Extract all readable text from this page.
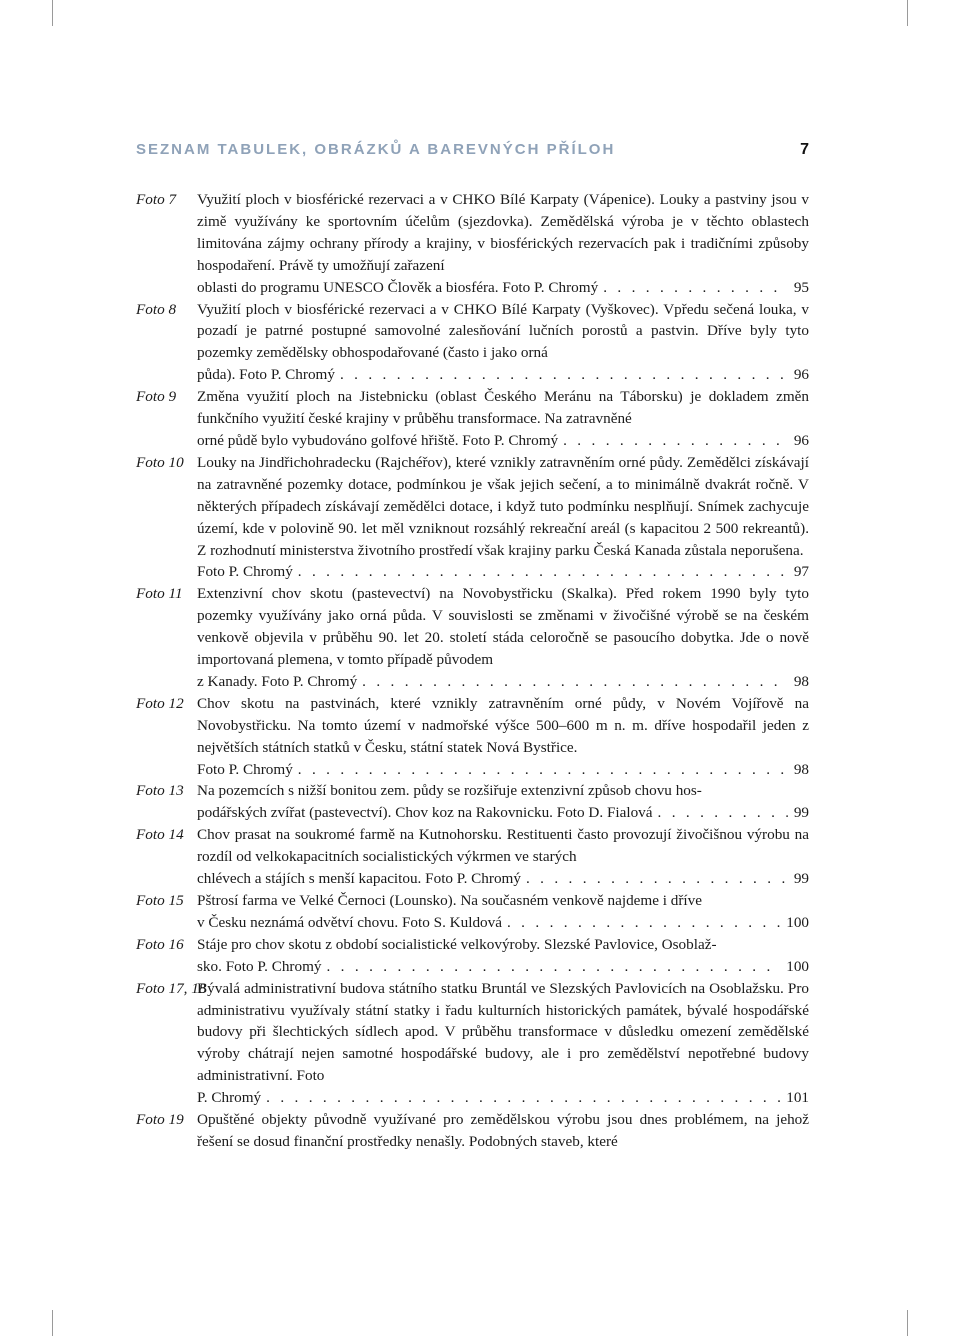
SEZNAM TABULEK, OBRÁZKŮ A BAREVNÝCH PŘÍLOH	7
Foto 7 Využití ploch v biosférické rezervaci a v CHKO Bílé Karpaty (Vápenice). Louky a pastviny jsou v zimě využívány ke sportovním účelům (sjezdovka). Zemědělská výroba je v těchto oblastech limitována zájmy ochrany přírody a krajiny, v biosférických rezervacích pak i tradičními způsoby hospodaření. Právě ty umožňují zařazení
oblasti do programu UNESCO Člověk a biosféra. Foto P. Chromý . . .	95
Foto 8 Využití ploch v biosférické rezervaci a v CHKO Bílé Karpaty (Vyškovec). Vpředu sečená louka, v pozadí je patrné postupné samovolné zalesňování lučních porostů a pastvin. Dříve byly tyto pozemky zemědělsky obhospodařované (často i jako orná
půda). Foto P. Chromý . . .	96
Foto 9 Změna využití ploch na Jistebnicku (oblast Českého Meránu na Táborsku) je dokladem změn funkčního využití české krajiny v průběhu transformace. Na zatravněné
orné půdě bylo vybudováno golfové hřiště. Foto P. Chromý . . .	96
Foto 10 Louky na Jindřichohradecku (Rajchéřov), které vznikly zatravněním orné půdy. Zemědělci získávají na zatravněné pozemky dotace, podmínkou je však jejich sečení, a to minimálně dvakrát ročně. V některých případech získávají zemědělci dotace, i když tuto podmínku nesplňují. Snímek zachycuje území, kde v polovině 90. let měl vzniknout rozsáhlý rekreační areál (s kapacitou 2 500 rekreantů). Z rozhodnutí ministerstva životního prostředí však krajiny parku Česká Kanada zůstala neporušena.
Foto P. Chromý . . .	97
Foto 11 Extenzivní chov skotu (pastevectví) na Novobystřicku (Skalka). Před rokem 1990 byly tyto pozemky využívány jako orná půda. V souvislosti se změnami v živočišné výrobě se na českém venkově objevila v průběhu 90. let 20. století stáda celoročně se pasoucího dobytka. Jde o nově importovaná plemena, v tomto případě původem
z Kanady. Foto P. Chromý . . .	98
Foto 12 Chov skotu na pastvinách, které vznikly zatravněním orné půdy, v Novém Vojířově na Novobystřicku. Na tomto území v nadmořské výšce 500–600 m n. m. dříve hospodařil jeden z největších státních statků v Česku, státní statek Nová Bystřice.
Foto P. Chromý . . .	98
Foto 13 Na pozemcích s nižší bonitou zem. půdy se rozšiřuje extenzivní způsob chovu hos-
podářských zvířat (pastevectví). Chov koz na Rakovnicku. Foto D. Fialová . . .	99
Foto 14 Chov prasat na soukromé farmě na Kutnohorsku. Restituenti často provozují živočišnou výrobu na rozdíl od velkokapacitních socialistických výkrmen ve starých
chlévech a stájích s menší kapacitou. Foto P. Chromý . . .	99
Foto 15 Pštrosí farma ve Velké Černoci (Lounsko). Na současném venkově najdeme i dříve
v Česku neznámá odvětví chovu. Foto S. Kuldová . . .	100
Foto 16 Stáje pro chov skotu z období socialistické velkovýroby. Slezské Pavlovice, Osoblaž-
sko. Foto P. Chromý . . .	100
Foto 17, 18
Bývalá administrativní budova státního statku Bruntál ve Slezských Pavlovicích na Osoblažsku. Pro administrativu využívaly státní statky i řadu kulturních historických památek, bývalé hospodářské budovy při šlechtických sídlech apod. V průběhu transformace v důsledku omezení zemědělské výroby chátrají nejen samotné hospodářské budovy, ale i pro zemědělství nepotřebné budovy administrativní. Foto
P. Chromý . . .	101
Foto 19 Opuštěné objekty původně využívané pro zemědělskou výrobu jsou dnes problémem, na jehož řešení se dosud finanční prostředky nenašly. Podobných staveb, které
